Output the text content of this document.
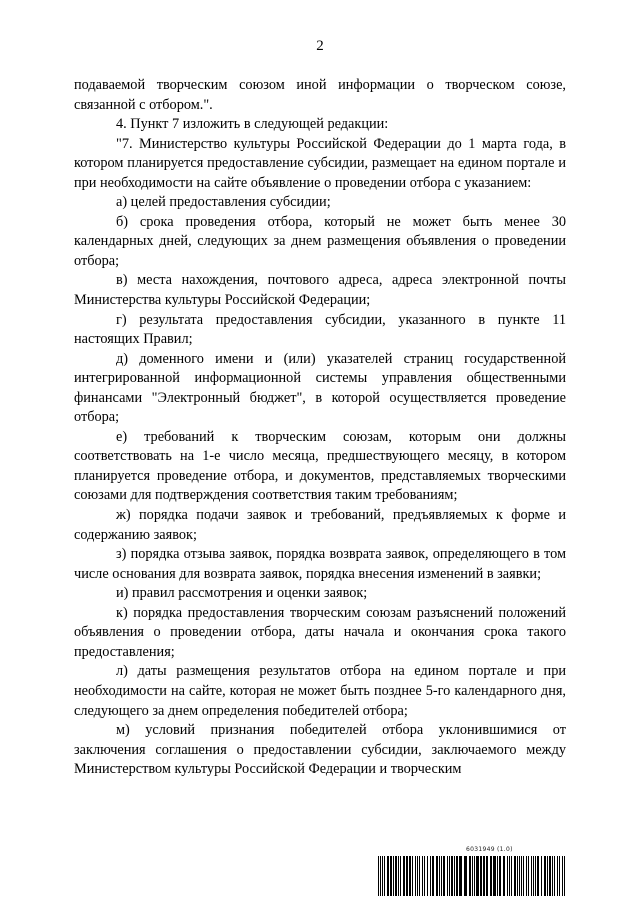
2

подаваемой творческим союзом иной информации о творческом союзе, связанной с отбором.".

4. Пункт 7 изложить в следующей редакции:

"7. Министерство культуры Российской Федерации до 1 марта года, в котором планируется предоставление субсидии, размещает на едином портале и при необходимости на сайте объявление о проведении отбора с указанием:

а) целей предоставления субсидии;

б) срока проведения отбора, который не может быть менее 30 календарных дней, следующих за днем размещения объявления о проведении отбора;

в) места нахождения, почтового адреса, адреса электронной почты Министерства культуры Российской Федерации;

г) результата предоставления субсидии, указанного в пункте 11 настоящих Правил;

д) доменного имени и (или) указателей страниц государственной интегрированной информационной системы управления общественными финансами "Электронный бюджет", в которой осуществляется проведение отбора;

е) требований к творческим союзам, которым они должны соответствовать на 1-е число месяца, предшествующего месяцу, в котором планируется проведение отбора, и документов, представляемых творческими союзами для подтверждения соответствия таким требованиям;

ж) порядка подачи заявок и требований, предъявляемых к форме и содержанию заявок;

з) порядка отзыва заявок, порядка возврата заявок, определяющего в том числе основания для возврата заявок, порядка внесения изменений в заявки;

и) правил рассмотрения и оценки заявок;

к) порядка предоставления творческим союзам разъяснений положений объявления о проведении отбора, даты начала и окончания срока такого предоставления;

л) даты размещения результатов отбора на едином портале и при необходимости на сайте, которая не может быть позднее 5-го календарного дня, следующего за днем определения победителей отбора;

м) условий признания победителей отбора уклонившимися от заключения соглашения о предоставлении субсидии, заключаемого между Министерством культуры Российской Федерации и творческим

6031949 (1.0)
